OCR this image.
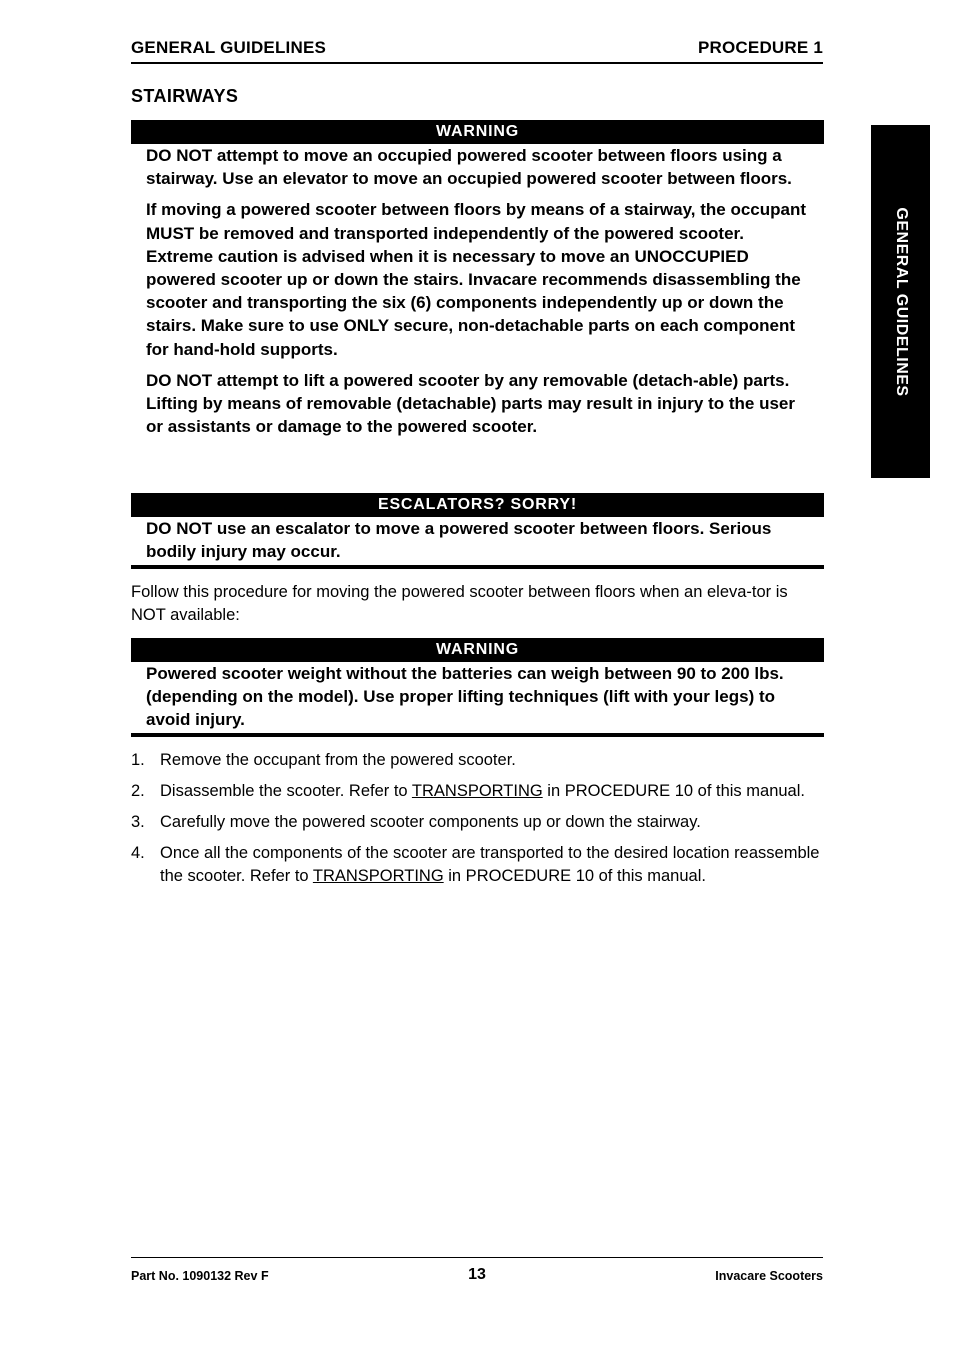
GENERAL GUIDELINES	PROCEDURE 1
GENERAL GUIDELINES
STAIRWAYS
WARNING

DO NOT attempt to move an occupied powered scooter between floors using a stairway. Use an elevator to move an occupied powered scooter between floors.

If moving a powered scooter between floors by means of a stairway, the occupant MUST be removed and transported independently of the powered scooter. Extreme caution is advised when it is necessary to move an UNOCCUPIED powered scooter up or down the stairs. Invacare recommends disassembling the scooter and transporting the six (6) components independently up or down the stairs. Make sure to use ONLY secure, non-detachable parts on each component for hand-hold supports.

DO NOT attempt to lift a powered scooter by any removable (detach-able) parts. Lifting by means of removable (detachable) parts may result in injury to the user or assistants or damage to the powered scooter.

ESCALATORS? SORRY!

DO NOT use an escalator to move a powered scooter between floors. Serious bodily injury may occur.

Follow this procedure for moving the powered scooter between floors when an eleva-tor is NOT available:

WARNING

Powered scooter weight without the batteries can weigh between 90 to 200 lbs. (depending on the model). Use proper lifting techniques (lift with your legs) to avoid injury.

1. Remove the occupant from the powered scooter.
2. Disassemble the scooter. Refer to TRANSPORTING in PROCEDURE 10 of this manual.
3. Carefully move the powered scooter components up or down the stairway.
4. Once all the components of the scooter are transported to the desired location reassemble the scooter. Refer to TRANSPORTING in PROCEDURE 10 of this manual.
Part No. 1090132 Rev F	13	Invacare Scooters
